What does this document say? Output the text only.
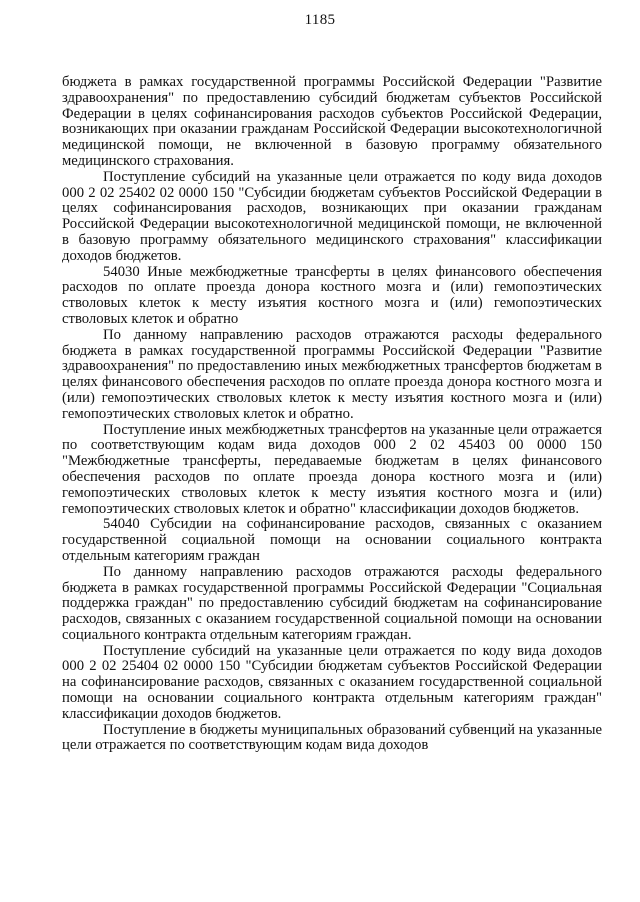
1185

бюджета в рамках государственной программы Российской Федерации "Развитие здравоохранения" по предоставлению субсидий бюджетам субъектов Российской Федерации в целях софинансирования расходов субъектов Российской Федерации, возникающих при оказании гражданам Российской Федерации высокотехнологичной медицинской помощи, не включенной в базовую программу обязательного медицинского страхования.

Поступление субсидий на указанные цели отражается по коду вида доходов 000 2 02 25402 02 0000 150 "Субсидии бюджетам субъектов Российской Федерации в целях софинансирования расходов, возникающих при оказании гражданам Российской Федерации высокотехнологичной медицинской помощи, не включенной в базовую программу обязательного медицинского страхования" классификации доходов бюджетов.

54030 Иные межбюджетные трансферты в целях финансового обеспечения расходов по оплате проезда донора костного мозга и (или) гемопоэтических стволовых клеток к месту изъятия костного мозга и (или) гемопоэтических стволовых клеток и обратно

По данному направлению расходов отражаются расходы федерального бюджета в рамках государственной программы Российской Федерации "Развитие здравоохранения" по предоставлению иных межбюджетных трансфертов бюджетам в целях финансового обеспечения расходов по оплате проезда донора костного мозга и (или) гемопоэтических стволовых клеток к месту изъятия костного мозга и (или) гемопоэтических стволовых клеток и обратно.

Поступление иных межбюджетных трансфертов на указанные цели отражается по соответствующим кодам вида доходов 000 2 02 45403 00 0000 150 "Межбюджетные трансферты, передаваемые бюджетам в целях финансового обеспечения расходов по оплате проезда донора костного мозга и (или) гемопоэтических стволовых клеток к месту изъятия костного мозга и (или) гемопоэтических стволовых клеток и обратно" классификации доходов бюджетов.

54040 Субсидии на софинансирование расходов, связанных с оказанием государственной социальной помощи на основании социального контракта отдельным категориям граждан

По данному направлению расходов отражаются расходы федерального бюджета в рамках государственной программы Российской Федерации "Социальная поддержка граждан" по предоставлению субсидий бюджетам на софинансирование расходов, связанных с оказанием государственной социальной помощи на основании социального контракта отдельным категориям граждан.

Поступление субсидий на указанные цели отражается по коду вида доходов 000 2 02 25404 02 0000 150 "Субсидии бюджетам субъектов Российской Федерации на софинансирование расходов, связанных с оказанием государственной социальной помощи на основании социального контракта отдельным категориям граждан" классификации доходов бюджетов.

Поступление в бюджеты муниципальных образований субвенций на указанные цели отражается по соответствующим кодам вида доходов
